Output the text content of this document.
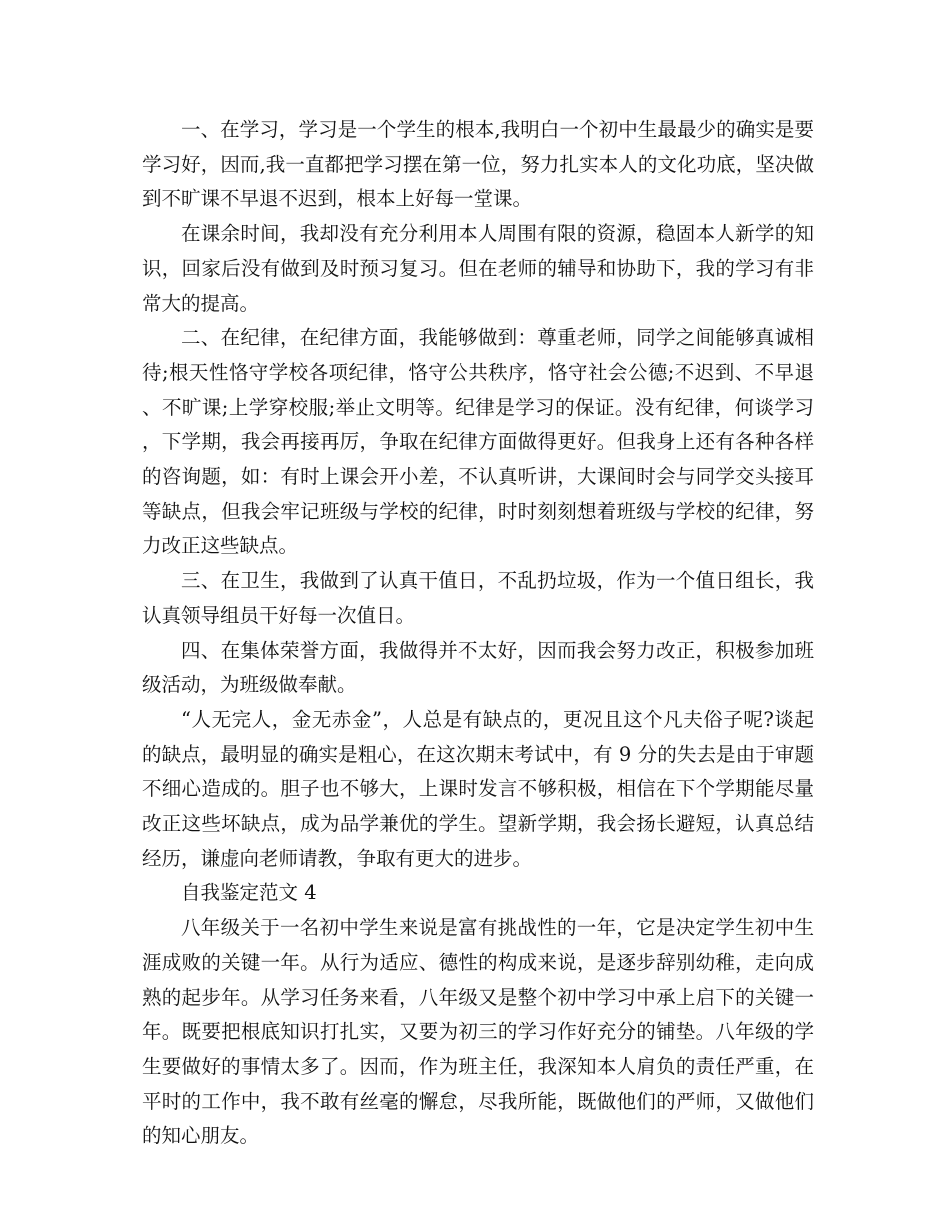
一、在学习，学习是一个学生的根本,我明白一个初中生最最少的确实是要学习好，因而,我一直都把学习摆在第一位，努力扎实本人的文化功底，坚决做到不旷课不早退不迟到，根本上好每一堂课。

在课余时间，我却没有充分利用本人周围有限的资源，稳固本人新学的知识，回家后没有做到及时预习复习。但在老师的辅导和协助下，我的学习有非常大的提高。

二、在纪律，在纪律方面，我能够做到：尊重老师，同学之间能够真诚相待;根天性恪守学校各项纪律，恪守公共秩序，恪守社会公德;不迟到、不早退、不旷课;上学穿校服;举止文明等。纪律是学习的保证。没有纪律，何谈学习，下学期，我会再接再厉，争取在纪律方面做得更好。但我身上还有各种各样的咨询题，如：有时上课会开小差，不认真听讲，大课间时会与同学交头接耳等缺点，但我会牢记班级与学校的纪律，时时刻刻想着班级与学校的纪律，努力改正这些缺点。

三、在卫生，我做到了认真干值日，不乱扔垃圾，作为一个值日组长，我认真领导组员干好每一次值日。

四、在集体荣誉方面，我做得并不太好，因而我会努力改正，积极参加班级活动，为班级做奉献。

“人无完人，金无赤金”，人总是有缺点的，更况且这个凡夫俗子呢?谈起的缺点，最明显的确实是粗心，在这次期末考试中，有 9 分的失去是由于审题不细心造成的。胆子也不够大，上课时发言不够积极，相信在下个学期能尽量改正这些坏缺点，成为品学兼优的学生。望新学期，我会扬长避短，认真总结经历，谦虚向老师请教，争取有更大的进步。

自我鉴定范文 4

八年级关于一名初中学生来说是富有挑战性的一年，它是决定学生初中生涯成败的关键一年。从行为适应、德性的构成来说，是逐步辞别幼稚，走向成熟的起步年。从学习任务来看，八年级又是整个初中学习中承上启下的关键一年。既要把根底知识打扎实，又要为初三的学习作好充分的铺垫。八年级的学生要做好的事情太多了。因而，作为班主任，我深知本人肩负的责任严重，在平时的工作中，我不敢有丝毫的懈怠，尽我所能，既做他们的严师，又做他们的知心朋友。
